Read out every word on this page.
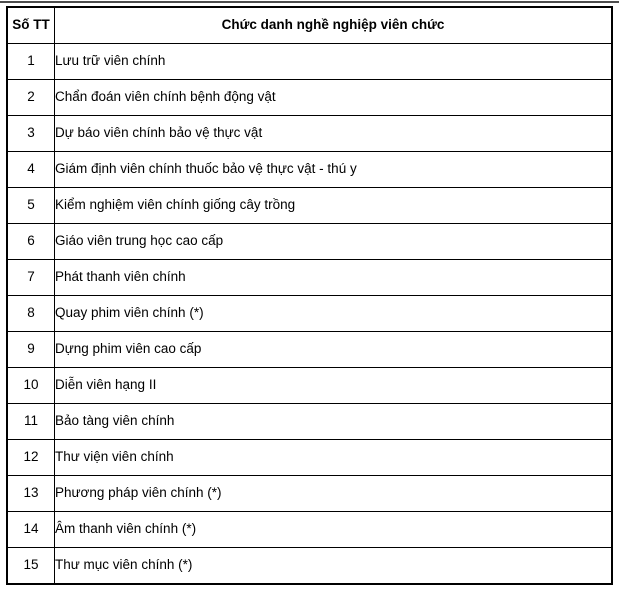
Số TT	Chức danh nghề nghiệp viên chức
1	Lưu trữ viên chính
2	Chẩn đoán viên chính bệnh động vật
3	Dự báo viên chính bảo vệ thực vật
4	Giám định viên chính thuốc bảo vệ thực vật - thú y
5	Kiểm nghiệm viên chính giống cây trồng
6	Giáo viên trung học cao cấp
7	Phát thanh viên chính
8	Quay phim viên chính (*)
9	Dựng phim viên cao cấp
10	Diễn viên hạng II
11	Bảo tàng viên chính
12	Thư viện viên chính
13	Phương pháp viên chính (*)
14	Âm thanh viên chính (*)
15	Thư mục viên chính (*)
